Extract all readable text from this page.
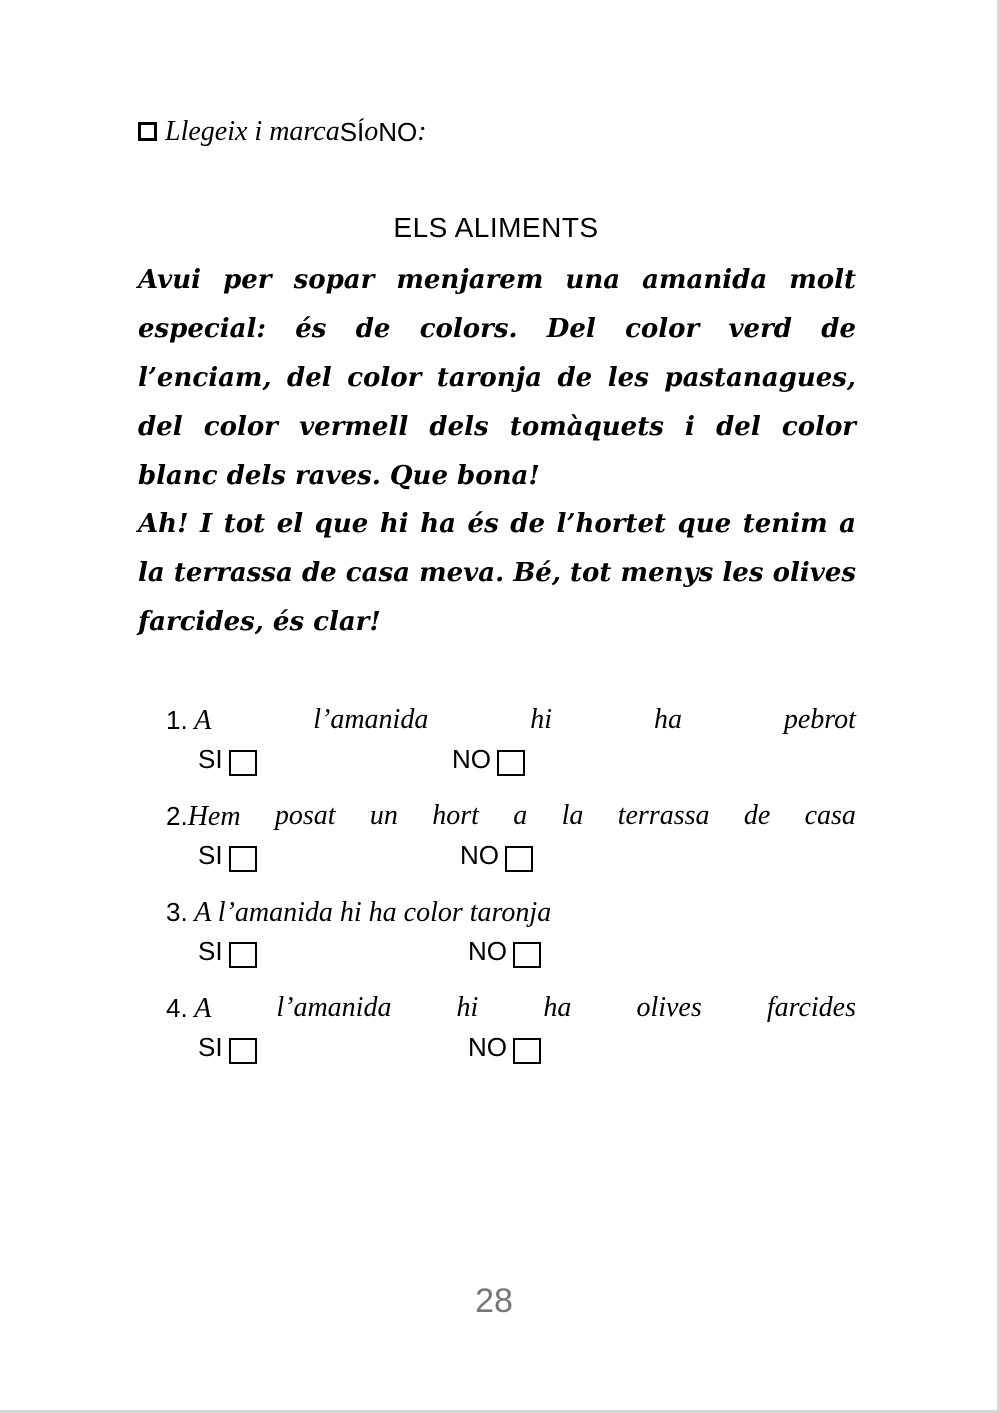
Llegeix i marca SÍ o NO :
ELS ALIMENTS
Avui per sopar menjarem una amanida molt especial: és de colors. Del color verd de l’enciam, del color taronja de les pastanagues, del color vermell dels tomàquets i del color blanc dels raves. Que bona!
Ah! I tot el que hi ha és de l’hortet que tenim a la terrassa de casa meva. Bé, tot menys les olives farcides, és clar!
1. A	l’amanida	hi	ha	pebrot
SI	NO
2.Hem posat un hort a la terrassa de casa
SI	NO
3. A l’amanida hi ha color taronja
SI	NO
4. A l’amanida hi ha olives farcides
SI	NO
28
